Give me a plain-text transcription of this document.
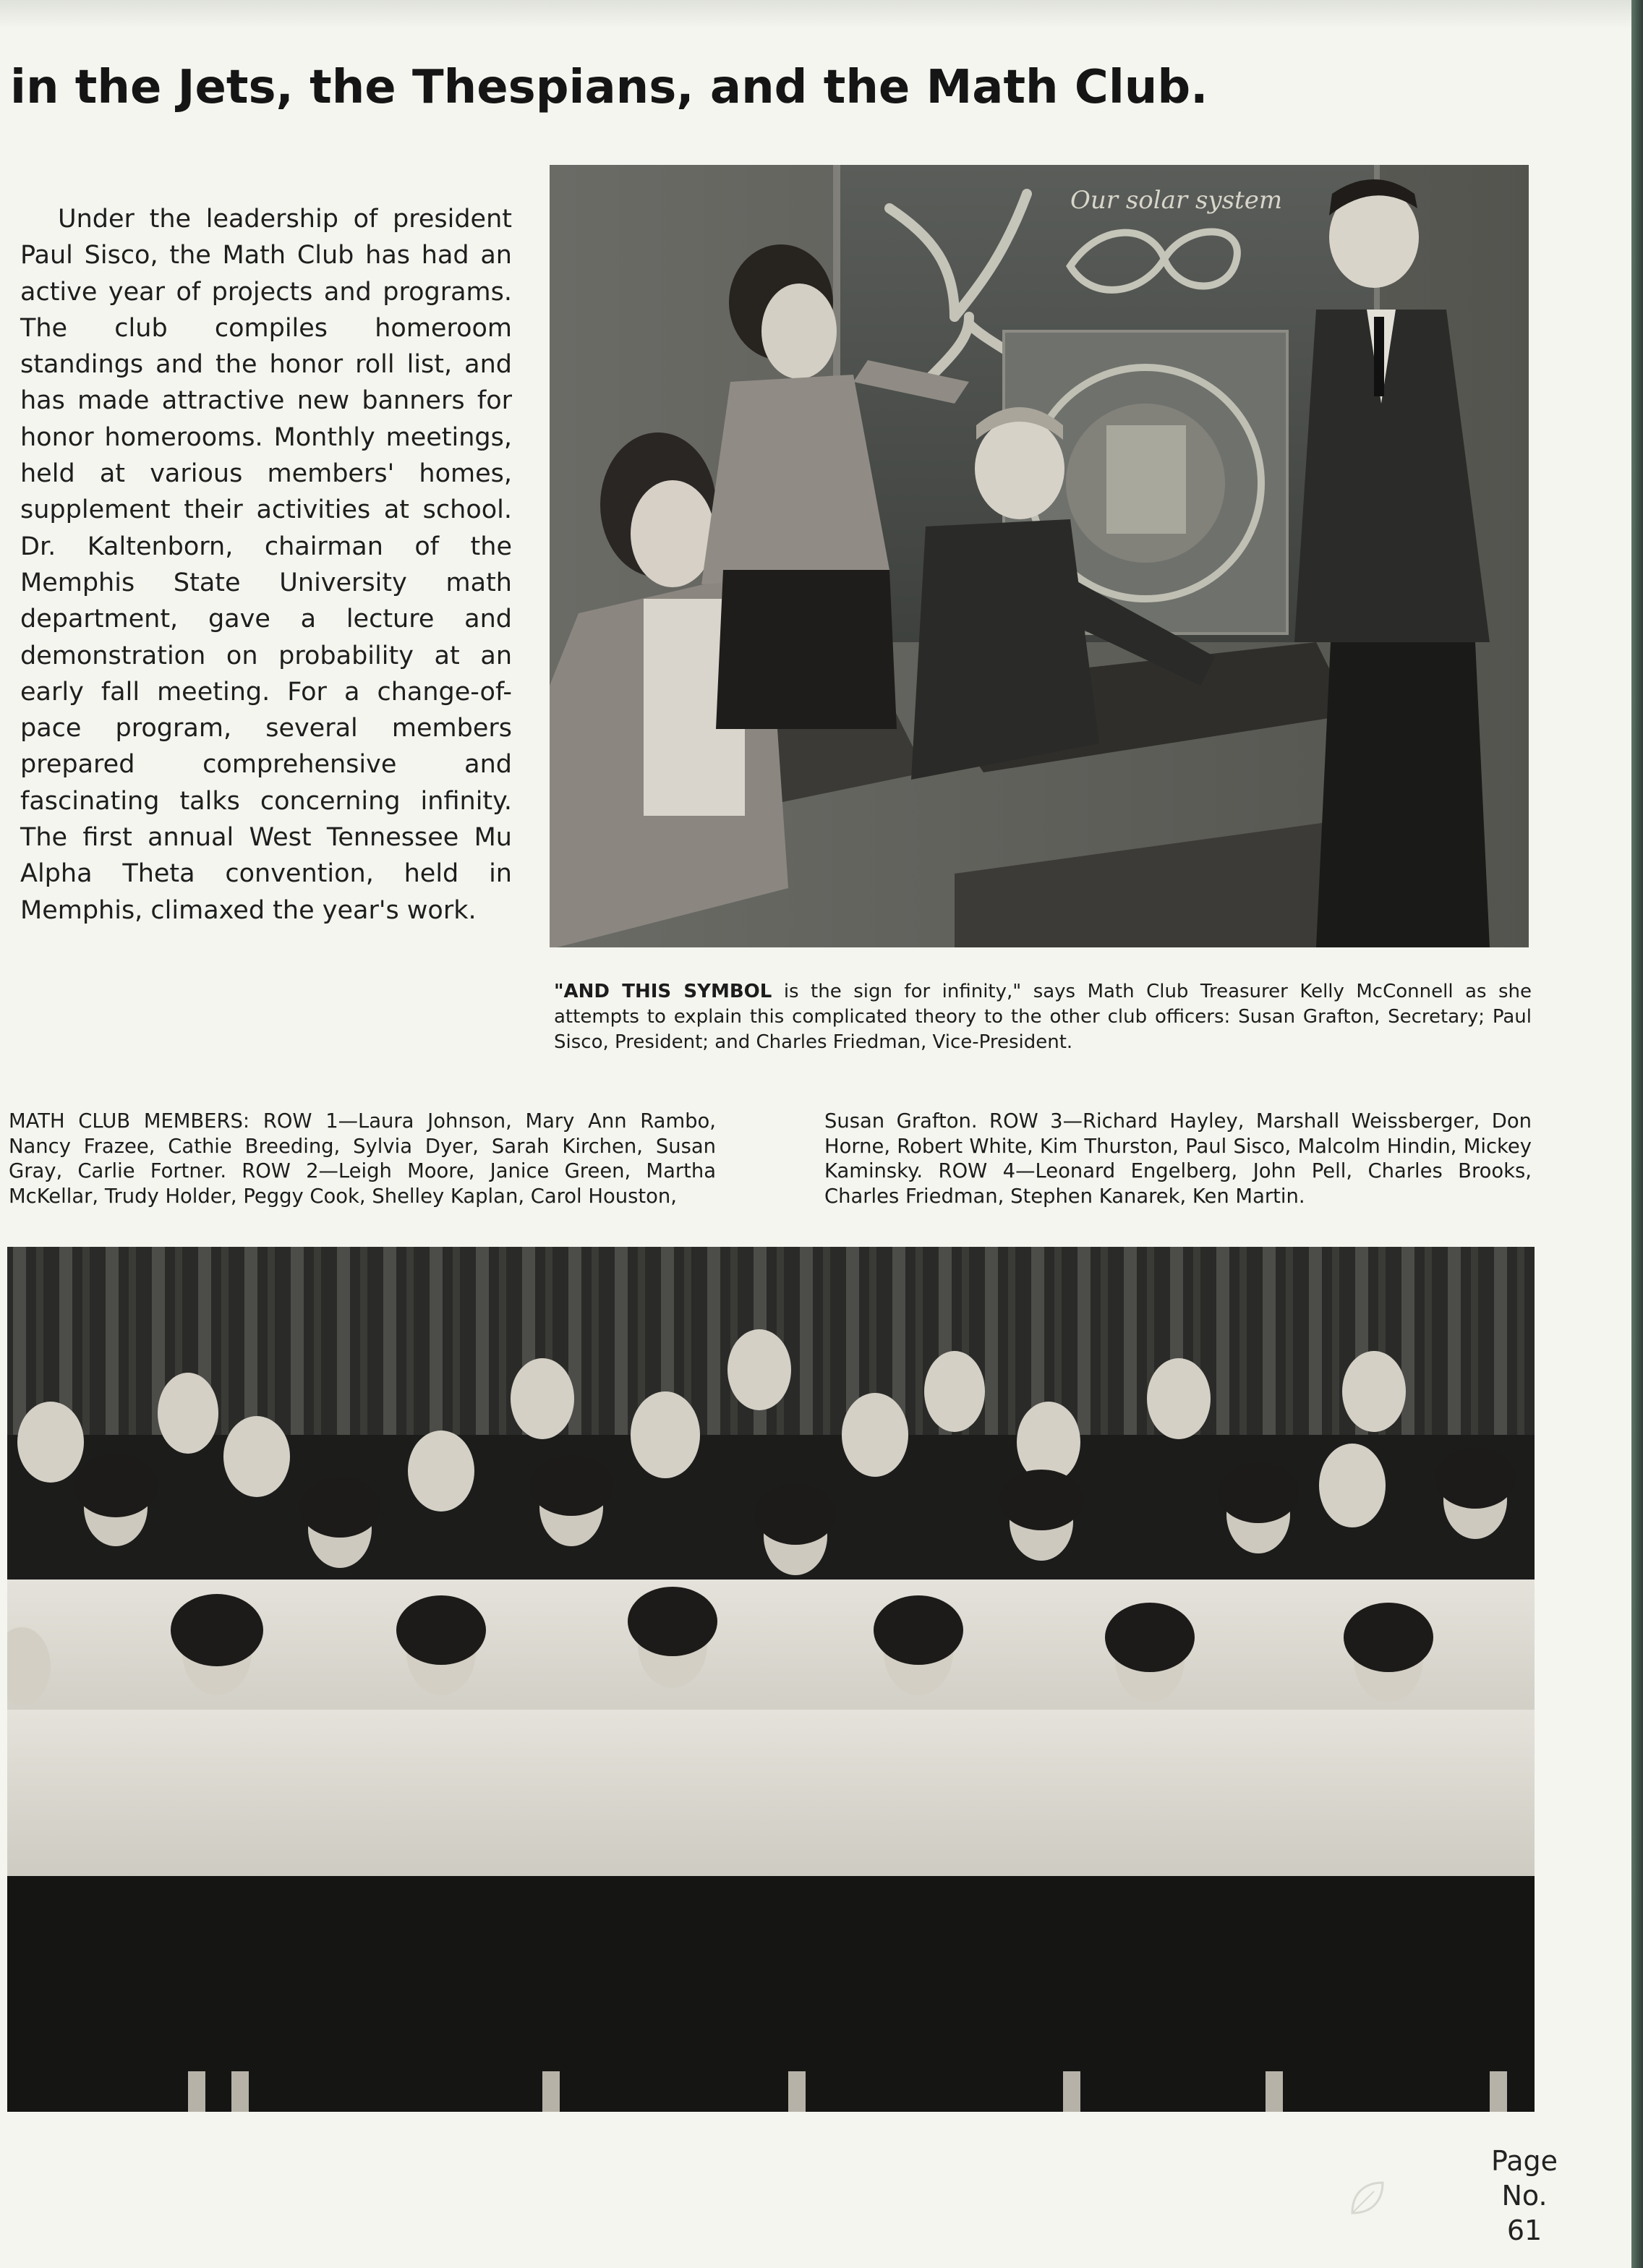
in the Jets, the Thespians, and the Math Club.

Under the leadership of president Paul Sisco, the Math Club has had an active year of projects and programs. The club compiles homeroom standings and the honor roll list, and has made attractive new banners for honor homerooms. Monthly meetings, held at various members' homes, supplement their activities at school. Dr. Kaltenborn, chairman of the Memphis State University math department, gave a lecture and demonstration on probability at an early fall meeting. For a change-of-pace program, several members prepared comprehensive and fascinating talks concerning infinity. The first annual West Tennessee Mu Alpha Theta convention, held in Memphis, climaxed the year's work.

Our solar system

"AND THIS SYMBOL is the sign for infinity," says Math Club Treasurer Kelly McConnell as she attempts to explain this complicated theory to the other club officers: Susan Grafton, Secretary; Paul Sisco, President; and Charles Friedman, Vice-President.

MATH CLUB MEMBERS: ROW 1—Laura Johnson, Mary Ann Rambo, Nancy Frazee, Cathie Breeding, Sylvia Dyer, Sarah Kirchen, Susan Gray, Carlie Fortner. ROW 2—Leigh Moore, Janice Green, Martha McKellar, Trudy Holder, Peggy Cook, Shelley Kaplan, Carol Houston,

Susan Grafton. ROW 3—Richard Hayley, Marshall Weissberger, Don Horne, Robert White, Kim Thurston, Paul Sisco, Malcolm Hindin, Mickey Kaminsky. ROW 4—Leonard Engelberg, John Pell, Charles Brooks, Charles Friedman, Stephen Kanarek, Ken Martin.

Page
No.
61
